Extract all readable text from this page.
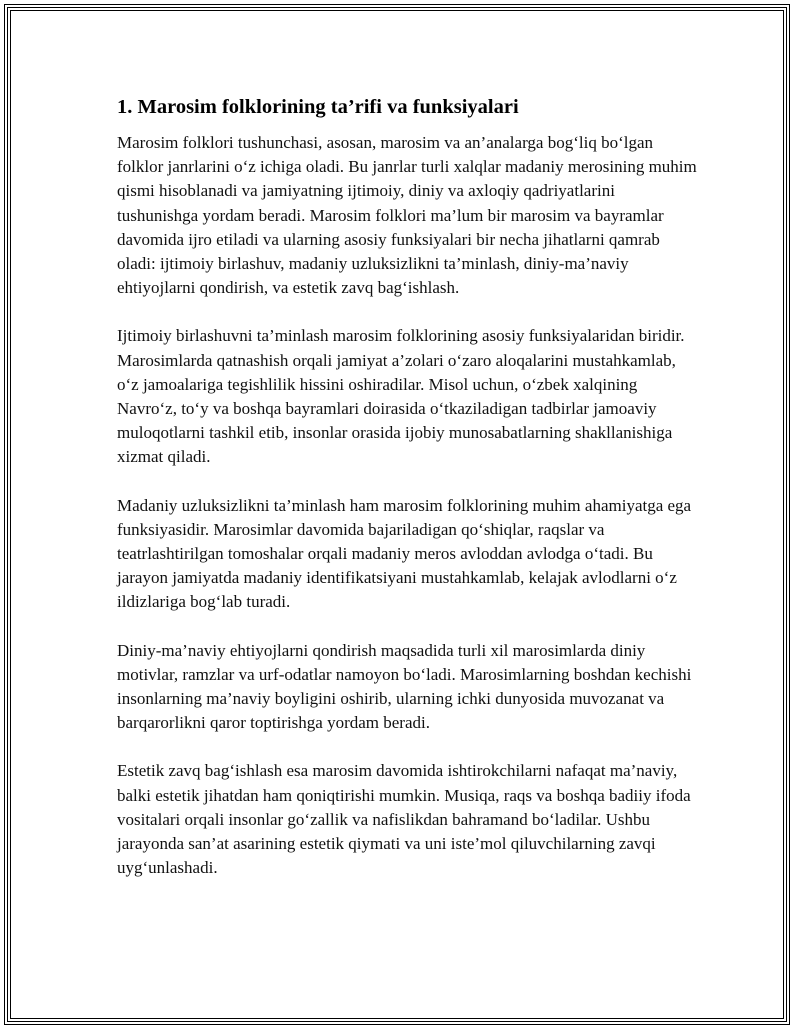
1. Marosim folklorining ta’rifi va funksiyalari

Marosim folklori tushunchasi, asosan, marosim va an’analarga bog‘liq bo‘lgan folklor janrlarini o‘z ichiga oladi. Bu janrlar turli xalqlar madaniy merosining muhim qismi hisoblanadi va jamiyatning ijtimoiy, diniy va axloqiy qadriyatlarini tushunishga yordam beradi. Marosim folklori ma’lum bir marosim va bayramlar davomida ijro etiladi va ularning asosiy funksiyalari bir necha jihatlarni qamrab oladi: ijtimoiy birlashuv, madaniy uzluksizlikni ta’minlash, diniy-ma’naviy ehtiyojlarni qondirish, va estetik zavq bag‘ishlash.

Ijtimoiy birlashuvni ta’minlash marosim folklorining asosiy funksiyalaridan biridir. Marosimlarda qatnashish orqali jamiyat a’zolari o‘zaro aloqalarini mustahkamlab, o‘z jamoalariga tegishlilik hissini oshiradilar. Misol uchun, o‘zbek xalqining Navro‘z, to‘y va boshqa bayramlari doirasida o‘tkaziladigan tadbirlar jamoaviy muloqotlarni tashkil etib, insonlar orasida ijobiy munosabatlarning shakllanishiga xizmat qiladi.

Madaniy uzluksizlikni ta’minlash ham marosim folklorining muhim ahamiyatga ega funksiyasidir. Marosimlar davomida bajariladigan qo‘shiqlar, raqslar va teatrlashtirilgan tomoshalar orqali madaniy meros avloddan avlodga o‘tadi. Bu jarayon jamiyatda madaniy identifikatsiyani mustahkamlab, kelajak avlodlarni o‘z ildizlariga bog‘lab turadi.

Diniy-ma’naviy ehtiyojlarni qondirish maqsadida turli xil marosimlarda diniy motivlar, ramzlar va urf-odatlar namoyon bo‘ladi. Marosimlarning boshdan kechishi insonlarning ma’naviy boyligini oshirib, ularning ichki dunyosida muvozanat va barqarorlikni qaror toptirishga yordam beradi.

Estetik zavq bag‘ishlash esa marosim davomida ishtirokchilarni nafaqat ma’naviy, balki estetik jihatdan ham qoniqtirishi mumkin. Musiqa, raqs va boshqa badiiy ifoda vositalari orqali insonlar go‘zallik va nafislikdan bahramand bo‘ladilar. Ushbu jarayonda san’at asarining estetik qiymati va uni iste’mol qiluvchilarning zavqi uyg‘unlashadi.
